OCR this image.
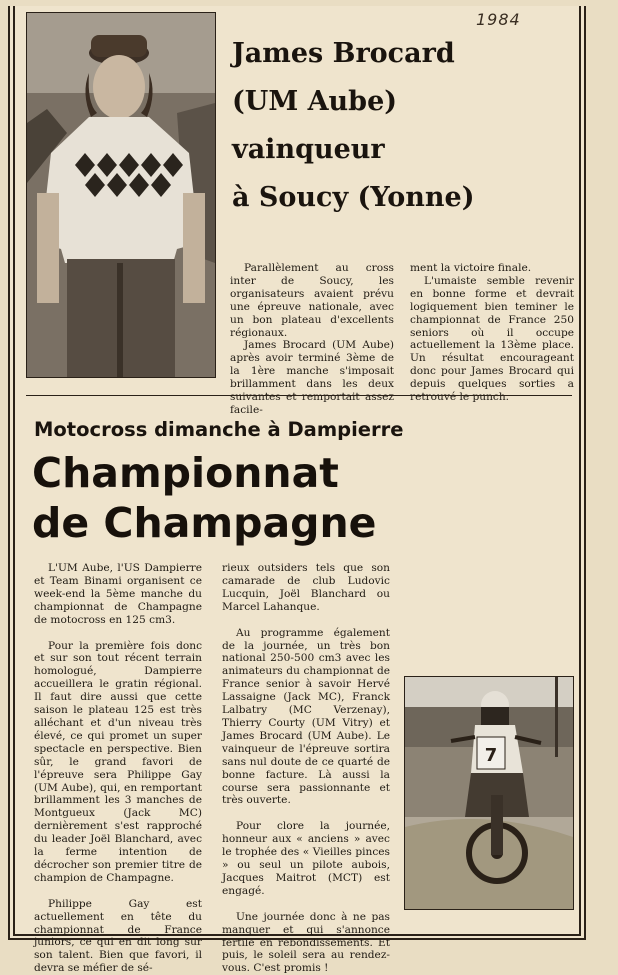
1984
James Brocard
(UM Aube)
vainqueur
à Soucy (Yonne)

Parallèlement au cross inter de Soucy, les organisateurs avaient prévu une épreuve nationale, avec un bon plateau d'excellents régionaux.

James Brocard (UM Aube) après avoir terminé 3ème de la 1ère manche s'imposait brillamment dans les deux suivantes et remportait assez facile-

ment la victoire finale.

L'umaiste semble revenir en bonne forme et devrait logiquement bien teminer le championnat de France 250 seniors où il occupe actuellement la 13ème place. Un résultat encourageant donc pour James Brocard qui depuis quelques sorties a retrouvé le punch.

Motocross dimanche à Dampierre
Championnat
de Champagne

L'UM Aube, l'US Dampierre et Team Binami organisent ce week-end la 5ème manche du championnat de Champagne de motocross en 125 cm3.

Pour la première fois donc et sur son tout récent terrain homologué, Dampierre accueillera le gratin régional. Il faut dire aussi que cette saison le plateau 125 est très alléchant et d'un niveau très élevé, ce qui promet un super spectacle en perspective. Bien sûr, le grand favori de l'épreuve sera Philippe Gay (UM Aube), qui, en remportant brillamment les 3 manches de Montgueux (Jack MC) dernièrement s'est rapproché du leader Joël Blanchard, avec la ferme intention de décrocher son premier titre de champion de Champagne.

Philippe Gay est actuellement en tête du championnat de France juniors, ce qui en dit long sur son talent. Bien que favori, il devra se méfier de sé-

rieux outsiders tels que son camarade de club Ludovic Lucquin, Joël Blanchard ou Marcel Lahanque.

Au programme également de la journée, un très bon national 250-500 cm3 avec les animateurs du championnat de France senior à savoir Hervé Lassaigne (Jack MC), Franck Lalbatry (MC Verzenay), Thierry Courty (UM Vitry) et James Brocard (UM Aube). Le vainqueur de l'épreuve sortira sans nul doute de ce quarté de bonne facture. Là aussi la course sera passionnante et très ouverte.

Pour clore la journée, honneur aux « anciens » avec le trophée des « Vieilles pinces » ou seul un pilote aubois, Jacques Maitrot (MCT) est engagé.

Une journée donc à ne pas manquer et qui s'annonce fertile en rebondissements. Et puis, le soleil sera au rendez-vous. C'est promis !

7
